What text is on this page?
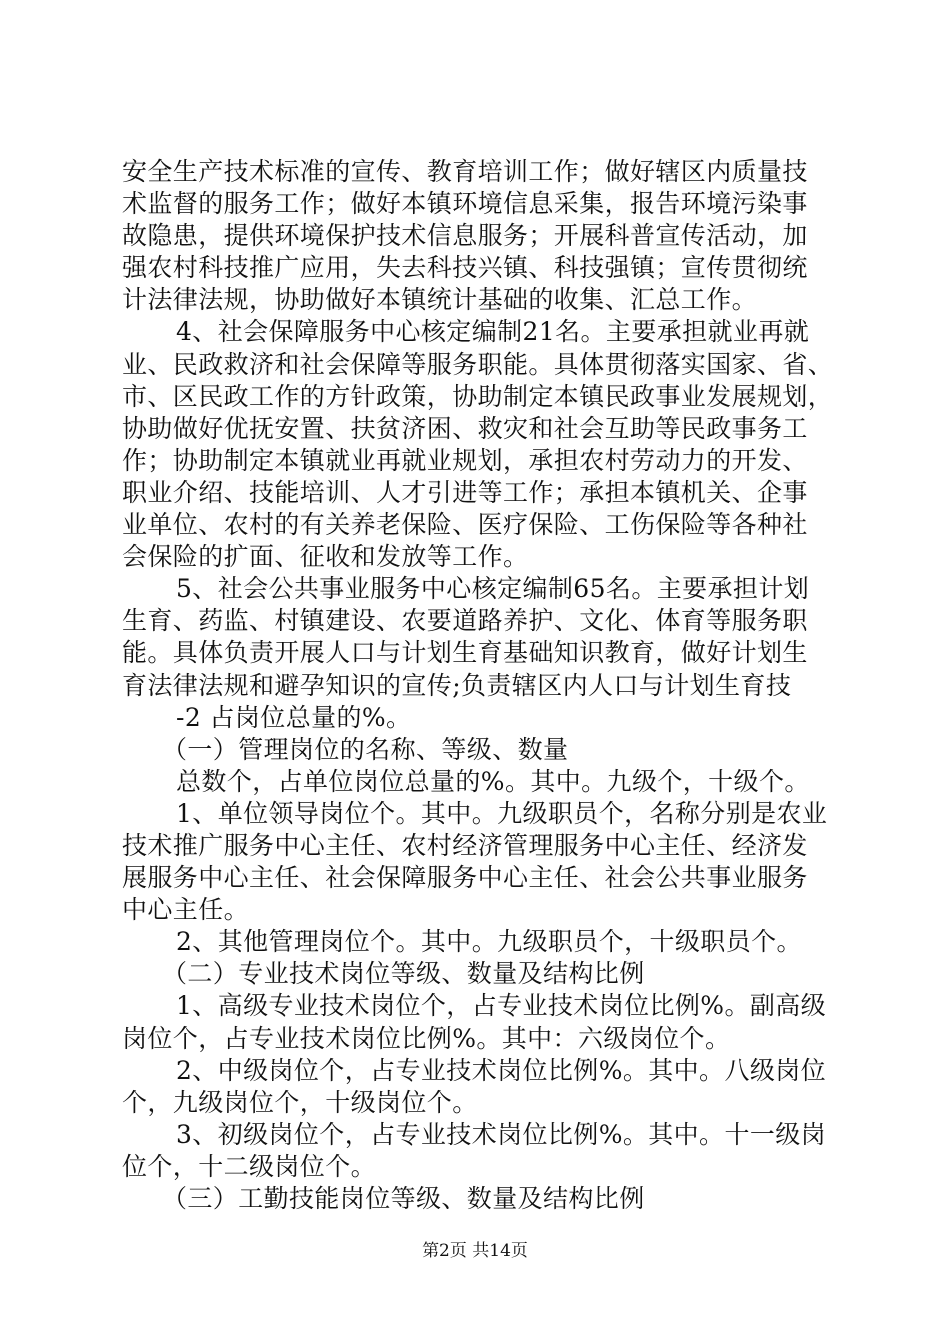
安全生产技术标准的宣传、教育培训工作；做好辖区内质量技

术监督的服务工作；做好本镇环境信息采集，报告环境污染事

故隐患，提供环境保护技术信息服务；开展科普宣传活动，加

强农村科技推广应用，失去科技兴镇、科技强镇；宣传贯彻统

计法律法规，协助做好本镇统计基础的收集、汇总工作。

4、社会保障服务中心核定编制21名。主要承担就业再就

业、民政救济和社会保障等服务职能。具体贯彻落实国家、省、

市、区民政工作的方针政策，协助制定本镇民政事业发展规划，

协助做好优抚安置、扶贫济困、救灾和社会互助等民政事务工

作；协助制定本镇就业再就业规划，承担农村劳动力的开发、

职业介绍、技能培训、人才引进等工作；承担本镇机关、企事

业单位、农村的有关养老保险、医疗保险、工伤保险等各种社

会保险的扩面、征收和发放等工作。

5、社会公共事业服务中心核定编制65名。主要承担计划

生育、药监、村镇建设、农要道路养护、文化、体育等服务职

能。具体负责开展人口与计划生育基础知识教育，做好计划生

育法律法规和避孕知识的宣传;负责辖区内人口与计划生育技

-2 占岗位总量的%。

（一）管理岗位的名称、等级、数量

总数个，占单位岗位总量的%。其中。九级个，十级个。

1、单位领导岗位个。其中。九级职员个，名称分别是农业

技术推广服务中心主任、农村经济管理服务中心主任、经济发

展服务中心主任、社会保障服务中心主任、社会公共事业服务

中心主任。

2、其他管理岗位个。其中。九级职员个，十级职员个。

（二）专业技术岗位等级、数量及结构比例

1、高级专业技术岗位个，占专业技术岗位比例%。副高级

岗位个，占专业技术岗位比例%。其中：六级岗位个。

2、中级岗位个，占专业技术岗位比例%。其中。八级岗位

个，九级岗位个，十级岗位个。

3、初级岗位个，占专业技术岗位比例%。其中。十一级岗

位个，十二级岗位个。

（三）工勤技能岗位等级、数量及结构比例

第2页 共14页
